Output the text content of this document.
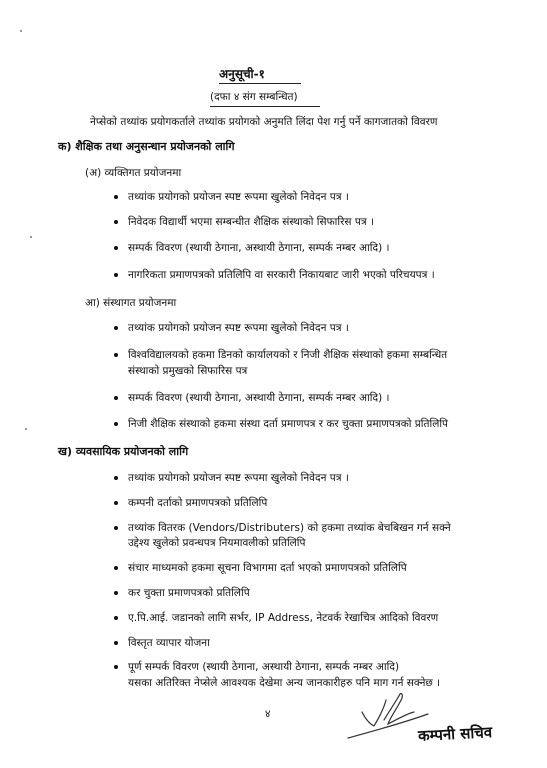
अनुसूची-१
(दफा ४ संग सम्बन्धित)
नेप्सेको तथ्यांक प्रयोगकर्ताले तथ्यांक प्रयोगको अनुमति लिंदा पेश गर्नु पर्ने कागजातको विवरण
क) शैक्षिक तथा अनुसन्धान प्रयोजनको लागि
(अ) व्यक्तिगत प्रयोजनमा
तथ्यांक प्रयोगको प्रयोजन स्पष्ट रूपमा खुलेको निवेदन पत्र ।
निवेदक विद्यार्थी भएमा सम्बन्धीत शैक्षिक संस्थाको सिफारिस पत्र ।
सम्पर्क विवरण (स्थायी ठेगाना, अस्थायी ठेगाना, सम्पर्क नम्बर आदि) ।
नागरिकता प्रमाणपत्रको प्रतिलिपि वा सरकारी निकायबाट जारी भएको परिचयपत्र ।
आ) संस्थागत प्रयोजनमा
तथ्यांक प्रयोगको प्रयोजन स्पष्ट रूपमा खुलेको निवेदन पत्र ।
विश्वविद्यालयको हकमा डिनको कार्यालयको र निजी शैक्षिक संस्थाको हकमा सम्बन्धित
संस्थाको प्रमुखको सिफारिस पत्र
सम्पर्क विवरण (स्थायी ठेगाना, अस्थायी ठेगाना, सम्पर्क नम्बर आदि) ।
निजी शैक्षिक संस्थाको हकमा संस्था दर्ता प्रमाणपत्र र कर चुक्ता प्रमाणपत्रको प्रतिलिपि
ख) व्यवसायिक प्रयोजनको लागि
तथ्यांक प्रयोगको प्रयोजन स्पष्ट रूपमा खुलेको निवेदन पत्र ।
कम्पनी दर्ताको प्रमाणपत्रको प्रतिलिपि
तथ्यांक वितरक (Vendors/Distributers) को हकमा तथ्यांक बेचबिखन गर्न सक्ने
उद्देश्य खुलेको प्रवन्धपत्र नियमावलीको प्रतिलिपि
संचार माध्यमको हकमा सूचना विभागमा दर्ता भएको प्रमाणपत्रको प्रतिलिपि
कर चुक्ता प्रमाणपत्रको प्रतिलिपि
ए.पि.आई. जडानको लागि सर्भर, IP Address, नेटवर्क रेखाचित्र आदिको विवरण
विस्तृत व्यापार योजना
पूर्ण सम्पर्क विवरण (स्थायी ठेगाना, अस्थायी ठेगाना, सम्पर्क नम्बर आदि)
यसका अतिरिक्त नेप्सेले आवश्यक देखेमा अन्य जानकारीहरु पनि माग गर्न सक्नेछ ।
४
कम्पनी सचिव
